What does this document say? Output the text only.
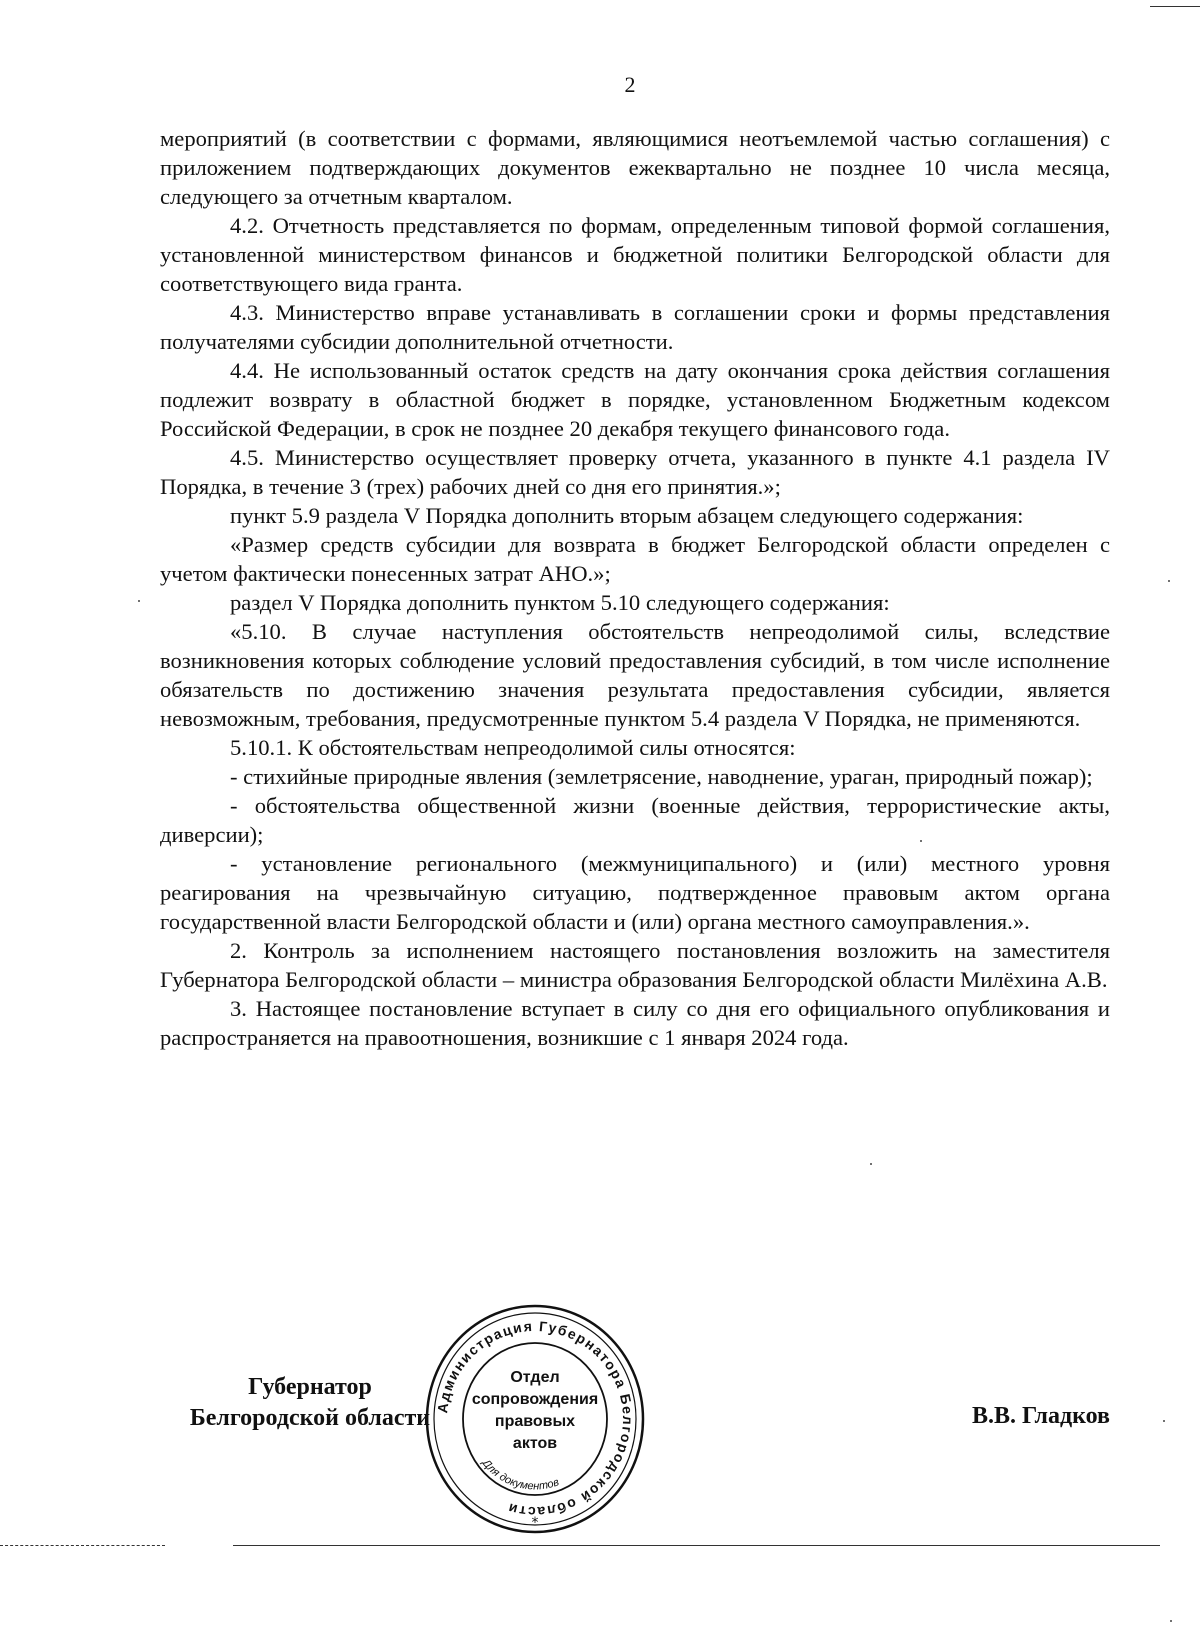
2

мероприятий (в соответствии с формами, являющимися неотъемлемой частью соглашения) с приложением подтверждающих документов ежеквартально не позднее 10 числа месяца, следующего за отчетным кварталом.

4.2. Отчетность представляется по формам, определенным типовой формой соглашения, установленной министерством финансов и бюджетной политики Белгородской области для соответствующего вида гранта.

4.3. Министерство вправе устанавливать в соглашении сроки и формы представления получателями субсидии дополнительной отчетности.

4.4. Не использованный остаток средств на дату окончания срока действия соглашения подлежит возврату в областной бюджет в порядке, установленном Бюджетным кодексом Российской Федерации, в срок не позднее 20 декабря текущего финансового года.

4.5. Министерство осуществляет проверку отчета, указанного в пункте 4.1 раздела IV Порядка, в течение 3 (трех) рабочих дней со дня его принятия.»;

пункт 5.9 раздела V Порядка дополнить вторым абзацем следующего содержания:

«Размер средств субсидии для возврата в бюджет Белгородской области определен с учетом фактически понесенных затрат АНО.»;

раздел V Порядка дополнить пунктом 5.10 следующего содержания:

«5.10. В случае наступления обстоятельств непреодолимой силы, вследствие возникновения которых соблюдение условий предоставления субсидий, в том числе исполнение обязательств по достижению значения результата предоставления субсидии, является невозможным, требования, предусмотренные пунктом 5.4 раздела V Порядка, не применяются.

5.10.1. К обстоятельствам непреодолимой силы относятся:

- стихийные природные явления (землетрясение, наводнение, ураган, природный пожар);

- обстоятельства общественной жизни (военные действия, террористические акты, диверсии);

- установление регионального (межмуниципального) и (или) местного уровня реагирования на чрезвычайную ситуацию, подтвержденное правовым актом органа государственной власти Белгородской области и (или) органа местного самоуправления.».

2. Контроль за исполнением настоящего постановления возложить на заместителя Губернатора Белгородской области – министра образования Белгородской области Милёхина А.В.

3. Настоящее постановление вступает в силу со дня его официального опубликования и распространяется на правоотношения, возникшие с 1 января 2024 года.

Губернатор
Белгородской области	В.В. Гладков
Администрация Губернатора Белгородской области
Для документов
*
Отдел
сопровождения
правовых
актов
